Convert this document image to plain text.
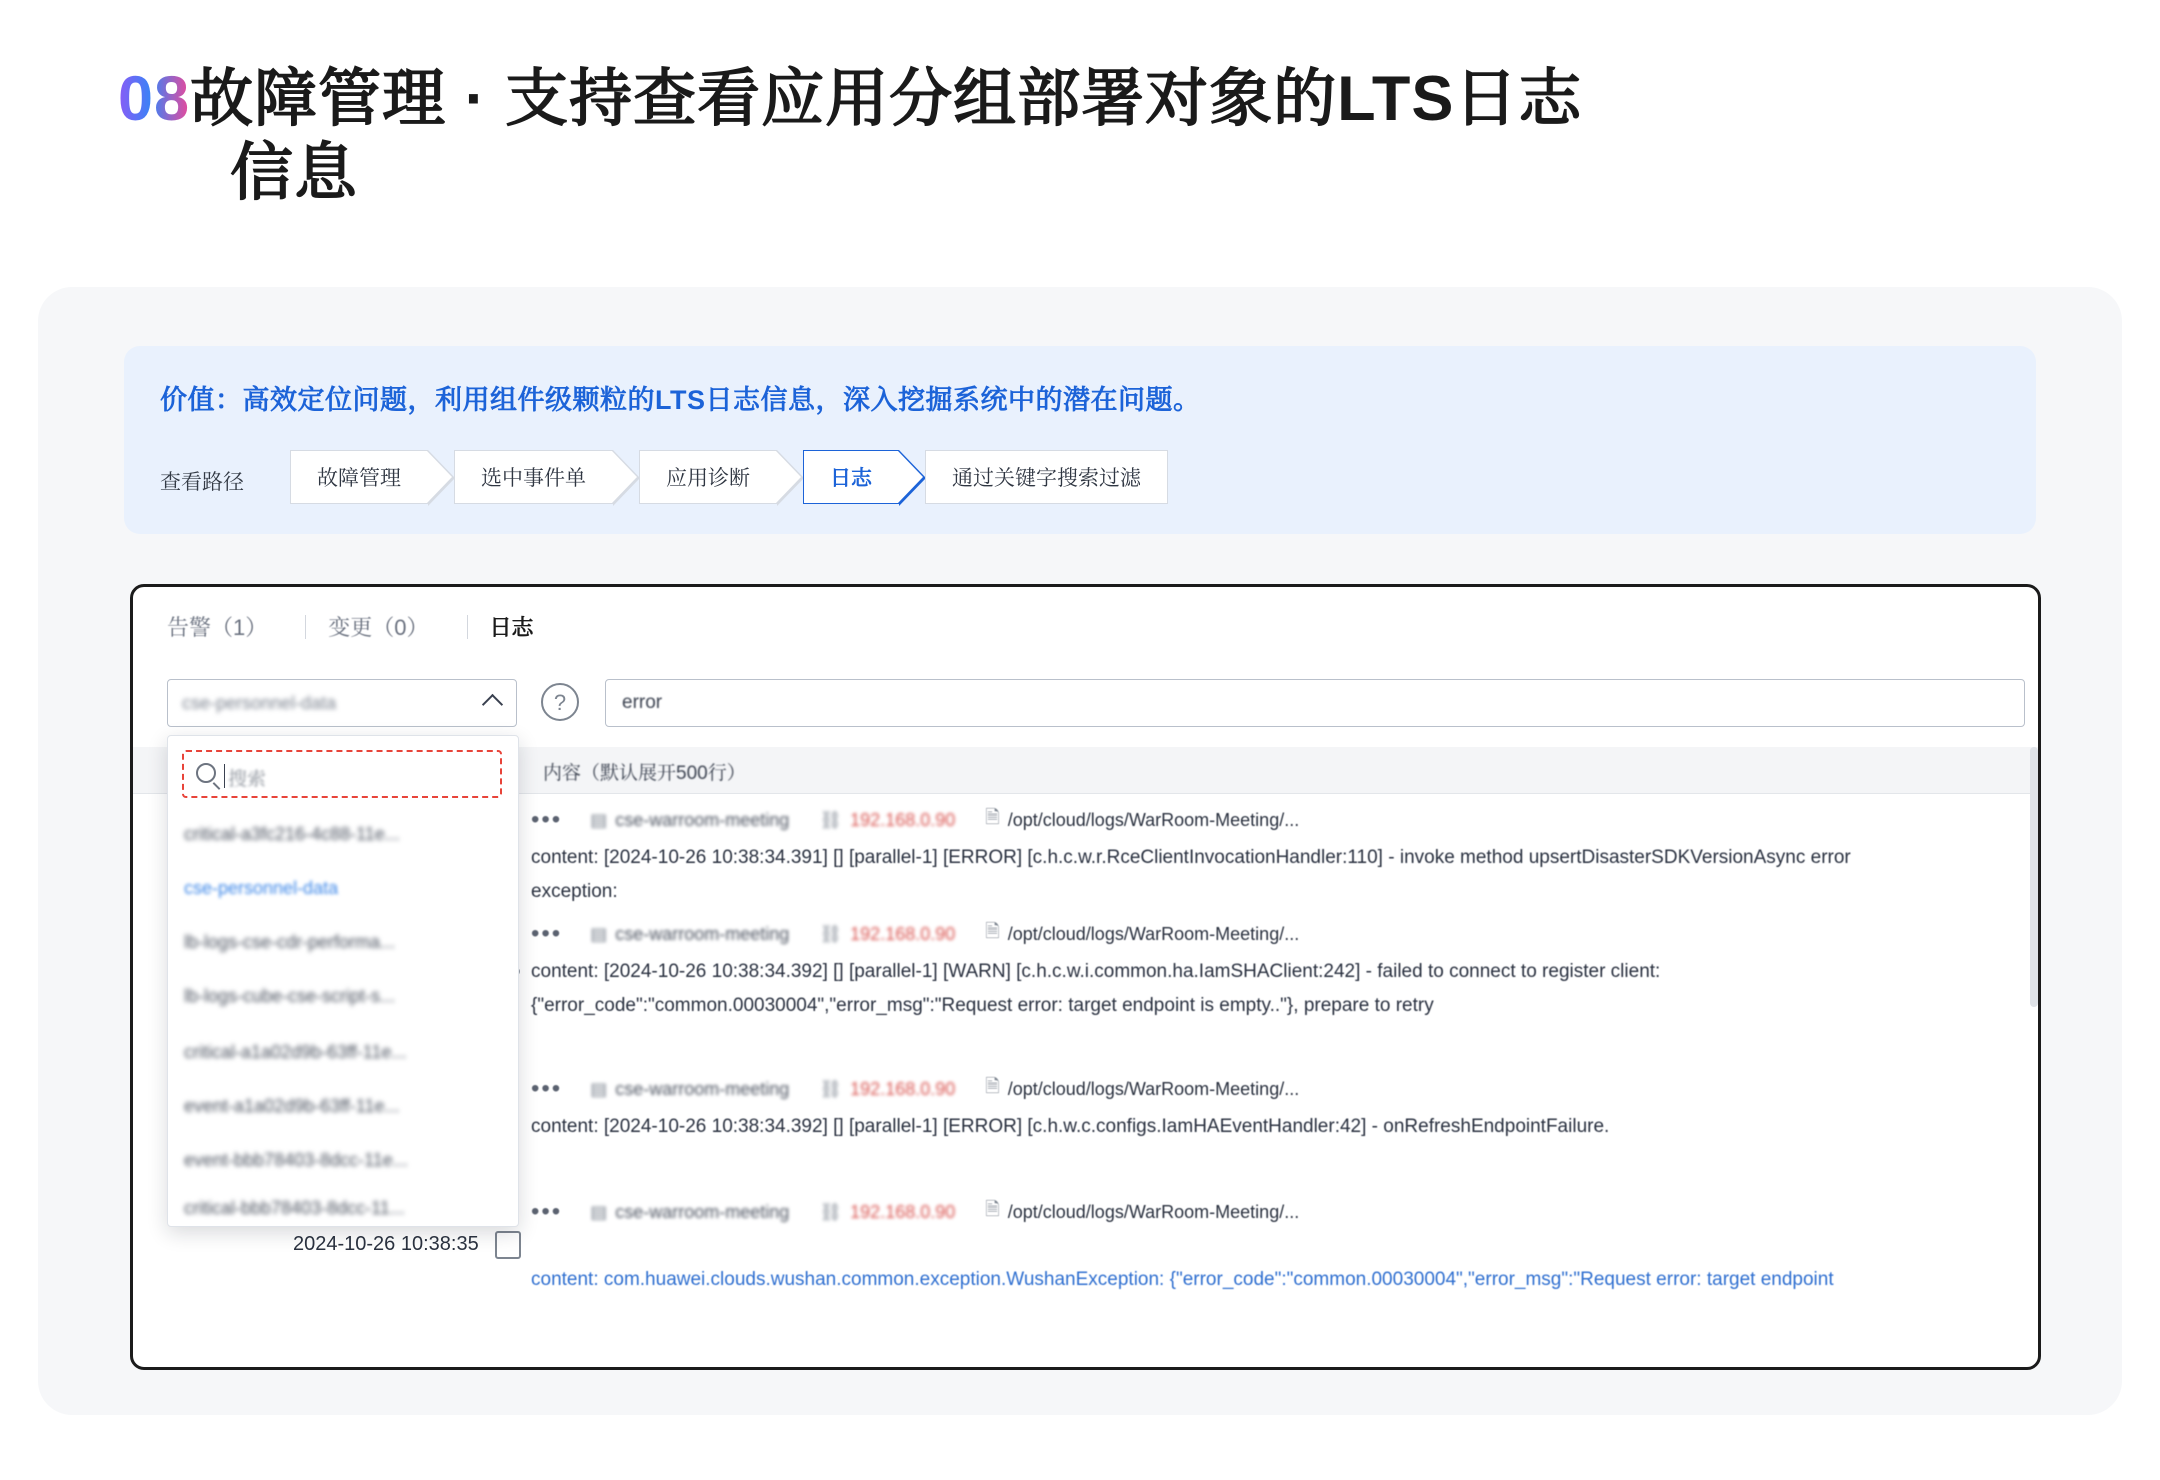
08故障管理 · 支持查看应用分组部署对象的LTS日志
信息
价值：高效定位问题，利用组件级颗粒的LTS日志信息，深入挖掘系统中的潜在问题。
查看路径	故障管理	选中事件单	应用诊断	日志	通过关键字搜索过滤
告警（1）	变更（0）	日志
cse-personnel-data	?	error
内容（默认展开500行）
••• ▤ cse-warroom-meeting ⛓ 192.168.0.90 🗎 /opt/cloud/logs/WarRoom-Meeting/...
content: [2024-10-26 10:38:34.391] [] [parallel-1] [ERROR] [c.h.c.w.r.RceClientInvocationHandler:110] - invoke method upsertDisasterSDKVersionAsync error
exception:
••• ▤ cse-warroom-meeting ⛓ 192.168.0.90 🗎 /opt/cloud/logs/WarRoom-Meeting/...
content: [2024-10-26 10:38:34.392] [] [parallel-1] [WARN] [c.h.c.w.i.common.ha.IamSHAClient:242] - failed to connect to register client:
{"error_code":"common.00030004","error_msg":"Request error: target endpoint is empty.."}, prepare to retry
••• ▤ cse-warroom-meeting ⛓ 192.168.0.90 🗎 /opt/cloud/logs/WarRoom-Meeting/...
content: [2024-10-26 10:38:34.392] [] [parallel-1] [ERROR] [c.h.w.c.configs.IamHAEventHandler:42] - onRefreshEndpointFailure.
••• ▤ cse-warroom-meeting ⛓ 192.168.0.90 🗎 /opt/cloud/logs/WarRoom-Meeting/...
2024-10-26 10:38:35
content: com.huawei.clouds.wushan.common.exception.WushanException: {"error_code":"common.00030004","error_msg":"Request error: target endpoint
搜索
critical-a3fc216-4c88-11e...
cse-personnel-data
lb-logs-cse-cdr-performa...
lb-logs-cube-cse-script-s...
critical-a1a02d9b-63ff-11e...
event-a1a02d9b-63ff-11e...
event-bbb78403-8dcc-11e...
critical-bbb78403-8dcc-11...
